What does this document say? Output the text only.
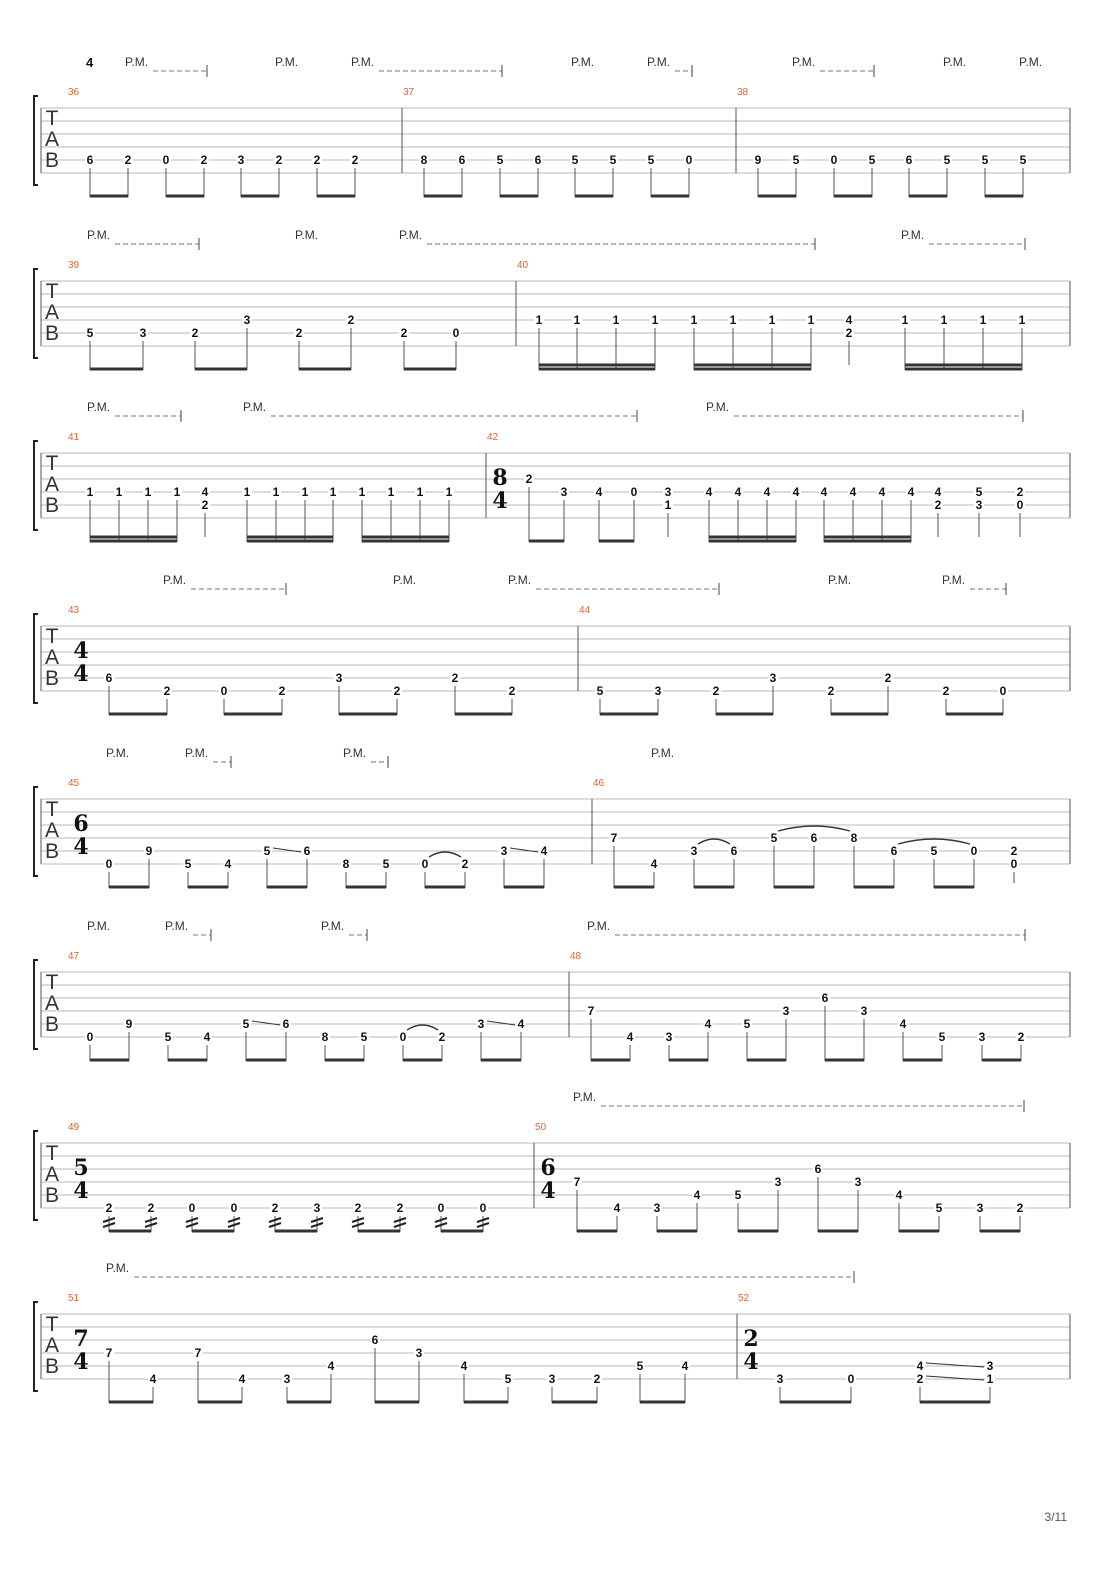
4
T
A
B
P.M.	P.M.	P.M.	P.M.	P.M.	P.M.	P.M.	P.M.
36
6	2	0	2	3	2	2	2
37
8	6	5	6	5	5	5	0
38
9	5	0	5	6	5	5	5
T
A
B
P.M.	P.M.	P.M.	P.M.
39
5	3	2
3
2
2
2	0
40
1	1	1	1	1	1	1	1	4
2
1	1	1	1
T
A
B
P.M.	P.M.	P.M.
41
1 1 1 1 4
2
1 1 1 1 1 1 1 1
42
8
4
2
3 4 0 3
1
4 4 4 4 4 4 4 4 4
2
5
3
2
0
T
A
B
P.M.	P.M.	P.M.	P.M.	P.M.
43
4
4 6
2	0	2
3
2
2
2
44
5	3	2
3
2
2
2	0
T
A
B
P.M.	P.M.	P.M.	P.M.
45
6
4
0
9
5	4
5	6
8	5	0	2
3	4
46
7
4
3	6
5	6	8
6	5	0	2
0
T
A
B
P.M.	P.M.	P.M.	P.M.
47
0
9
5	4
5	6
8	5	0	2
3	4
48
7
4	3
4	5
3
6
3
4
5	3	2
T
A
B
P.M.
49
5
4
2	2	0	0	2	3	2	2	0	0
50
6
4 7
4	3
4	5
3
6
3
4
5	3	2
T
A
B
P.M.
51
7
4 7
4
7
4	3
4
6
3
4
5	3	2
5	4
52
2
4
3	0
4
2
3
1
3/11
